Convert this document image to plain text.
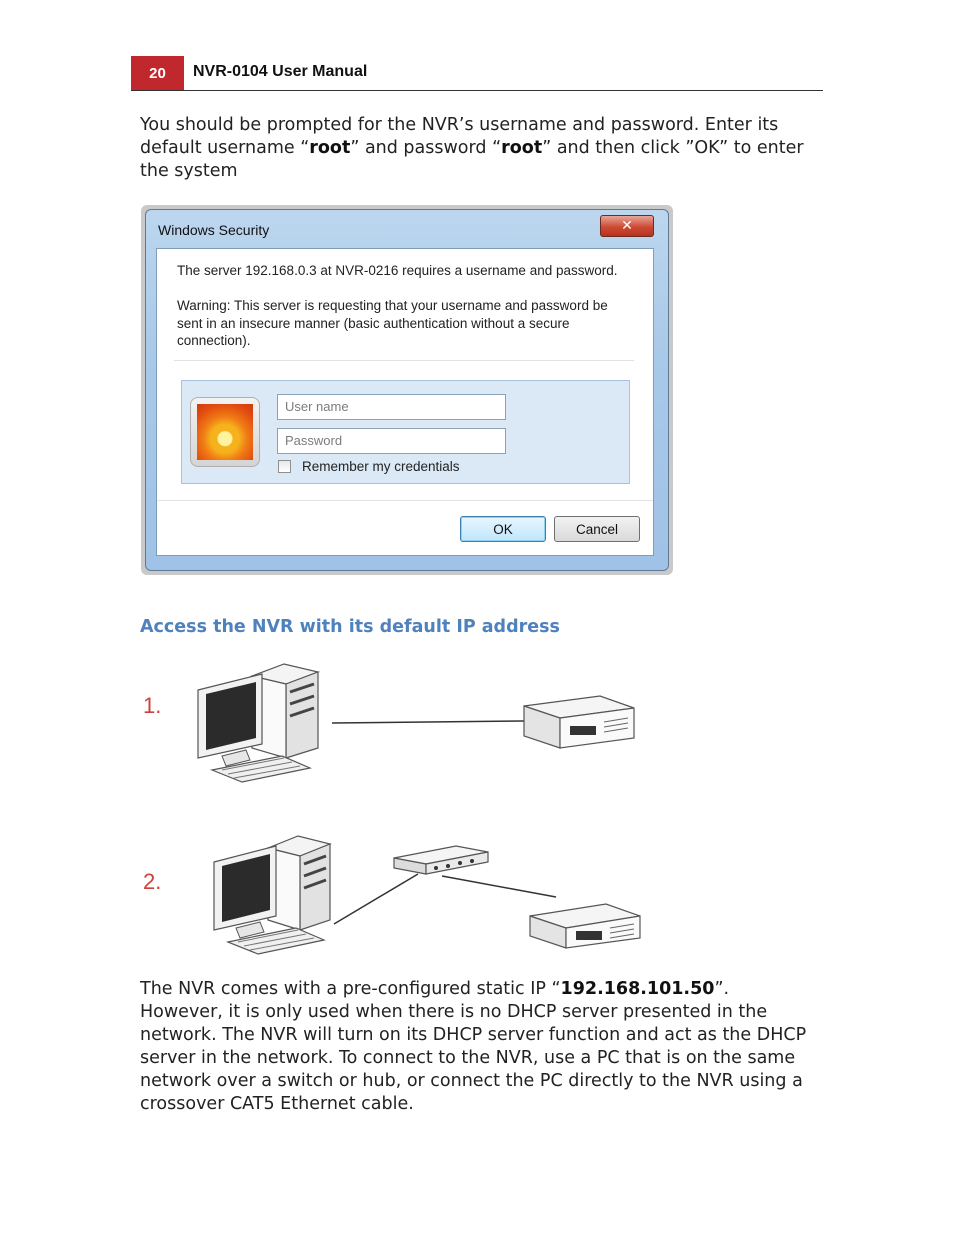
20	NVR-0104 User Manual

You should be prompted for the NVR’s username and password. Enter its default username “root” and password “root” and then click ”OK” to enter the system

Windows Security	✕

The server 192.168.0.3 at NVR-0216 requires a username and password.

Warning: This server is requesting that your username and password be sent in an insecure manner (basic authentication without a secure connection).

User name
Password
Remember my credentials
OK	Cancel
Access the NVR with its default IP address
1.
2.

The NVR comes with a pre-configured static IP “192.168.101.50”. However, it is only used when there is no DHCP server presented in the network. The NVR will turn on its DHCP server function and act as the DHCP server in the network. To connect to the NVR, use a PC that is on the same network over a switch or hub, or connect the PC directly to the NVR using a crossover CAT5 Ethernet cable.
